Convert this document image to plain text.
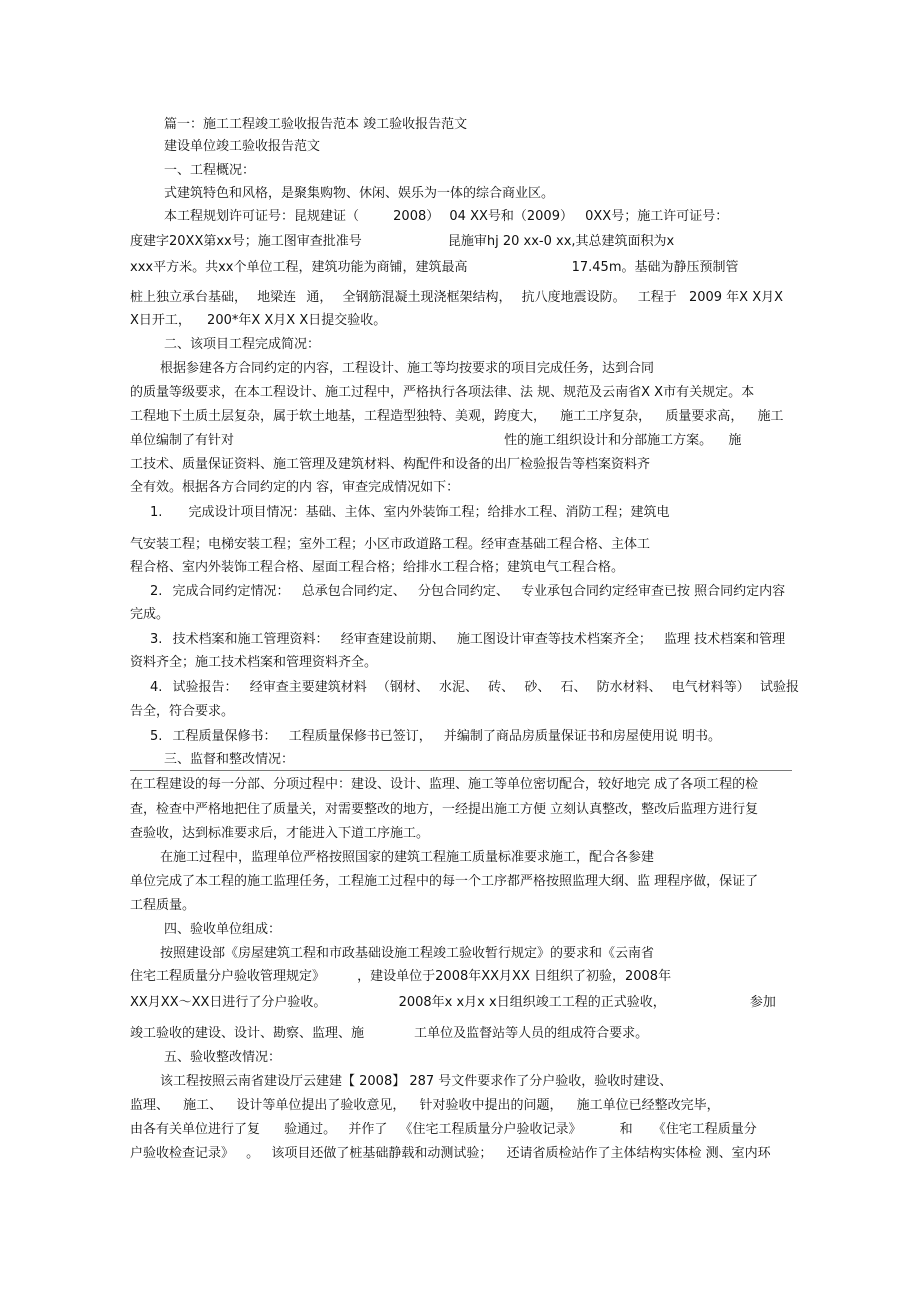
篇一：施工工程竣工验收报告范本 竣工验收报告范文
建设单位竣工验收报告范文
一、工程概况：
式建筑特色和风格，是聚集购物、休闲、娱乐为一体的综合商业区。
本工程规划许可证号：昆规建证（	2008） 04 XX号和（2009） 0XX号；施工许可证号：
度建字20XX第xx号；施工图审查批准号	昆施审hj 20 xx-0 xx,其总建筑面积为x
xxx平方米。共xx个单位工程，建筑功能为商铺，建筑最高	17.45m。基础为静压预制管
桩上独立承台基础， 地梁连 通， 全钢筋混凝土现浇框架结构， 抗八度地震设防。 工程于 2009 年X X月X
X日开工， 200*年X X月X X日提交验收。
二、该项目工程完成简况：
根据参建各方合同约定的内容，工程设计、施工等均按要求的项目完成任务，达到合同
的质量等级要求，在本工程设计、施工过程中，严格执行各项法律、法 规、规范及云南省X X市有关规定。本
工程地下土质土层复杂，属于软土地基，工程造型独特、美观，跨度大， 施工工序复杂， 质量要求高， 施工
单位编制了有针对	性的施工组织设计和分部施工方案。 施
工技术、质量保证资料、施工管理及建筑材料、构配件和设备的出厂检验报告等档案资料齐
全有效。根据各方合同约定的内 容，审查完成情况如下：
1. 完成设计项目情况：基础、主体、室内外装饰工程；给排水工程、消防工程；建筑电
气安装工程；电梯安装工程；室外工程；小区市政道路工程。经审查基础工程合格、主体工
程合格、室内外装饰工程合格、屋面工程合格；给排水工程合格；建筑电气工程合格。
2. 完成合同约定情况： 总承包合同约定、 分包合同约定、 专业承包合同约定经审查已按 照合同约定内容
完成。
3. 技术档案和施工管理资料： 经审查建设前期、 施工图设计审查等技术档案齐全； 监理 技术档案和管理
资料齐全；施工技术档案和管理资料齐全。
4. 试验报告： 经审查主要建筑材料 （钢材、 水泥、 砖、 砂、 石、 防水材料、 电气材料等） 试验报
告全，符合要求。
5. 工程质量保修书： 工程质量保修书已签订， 并编制了商品房质量保证书和房屋使用说 明书。
三、监督和整改情况：
在工程建设的每一分部、分项过程中：建设、设计、监理、施工等单位密切配合，较好地完 成了各项工程的检
查，检查中严格地把住了质量关，对需要整改的地方，一经提出施工方便 立刻认真整改，整改后监理方进行复
查验收，达到标准要求后，才能进入下道工序施工。
在施工过程中，监理单位严格按照国家的建筑工程施工质量标准要求施工，配合各参建
单位完成了本工程的施工监理任务，工程施工过程中的每一个工序都严格按照监理大纲、监 理程序做，保证了
工程质量。
四、验收单位组成：
按照建设部《房屋建筑工程和市政基础设施工程竣工验收暂行规定》的要求和《云南省
住宅工程质量分户验收管理规定》 ，建设单位于2008年XX月XX 日组织了初验，2008年
XX月XX～XX日进行了分户验收。	2008年x x月x x日组织竣工工程的正式验收，	参加
竣工验收的建设、设计、勘察、监理、施	工单位及监督站等人员的组成符合要求。
五、验收整改情况：
该工程按照云南省建设厅云建建【 2008】 287 号文件要求作了分户验收，验收时建设、
监理、 施工、 设计等单位提出了验收意见， 针对验收中提出的问题， 施工单位已经整改完毕，
由各有关单位进行了复 验通过。 并作了 《住宅工程质量分户验收记录》	和 《住宅工程质量分
户验收检查记录》 。 该项目还做了桩基础静载和动测试验； 还请省质检站作了主体结构实体检 测、室内环
